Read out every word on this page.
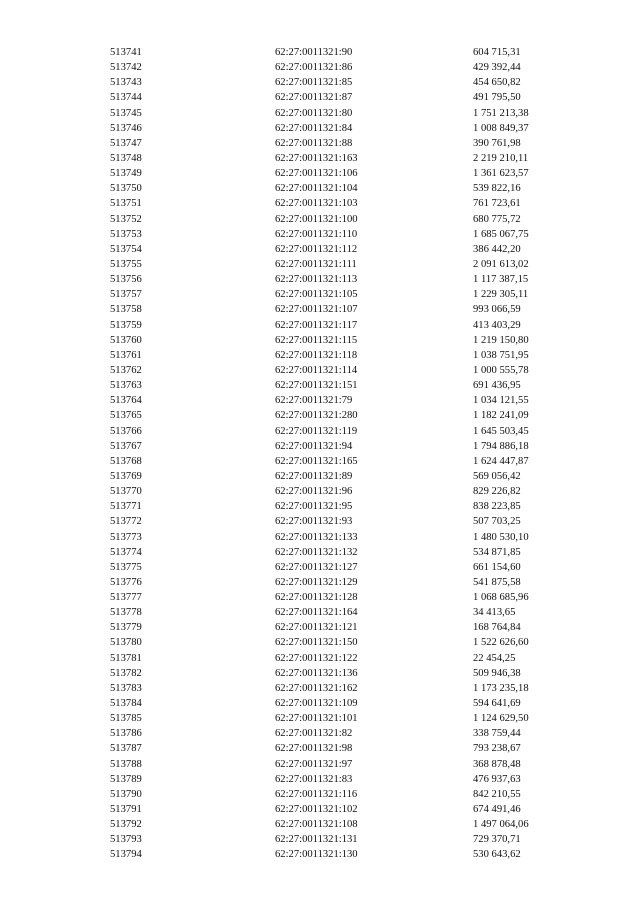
513741	62:27:0011321:90	604 715,31
513742	62:27:0011321:86	429 392,44
513743	62:27:0011321:85	454 650,82
513744	62:27:0011321:87	491 795,50
513745	62:27:0011321:80	1 751 213,38
513746	62:27:0011321:84	1 008 849,37
513747	62:27:0011321:88	390 761,98
513748	62:27:0011321:163	2 219 210,11
513749	62:27:0011321:106	1 361 623,57
513750	62:27:0011321:104	539 822,16
513751	62:27:0011321:103	761 723,61
513752	62:27:0011321:100	680 775,72
513753	62:27:0011321:110	1 685 067,75
513754	62:27:0011321:112	386 442,20
513755	62:27:0011321:111	2 091 613,02
513756	62:27:0011321:113	1 117 387,15
513757	62:27:0011321:105	1 229 305,11
513758	62:27:0011321:107	993 066,59
513759	62:27:0011321:117	413 403,29
513760	62:27:0011321:115	1 219 150,80
513761	62:27:0011321:118	1 038 751,95
513762	62:27:0011321:114	1 000 555,78
513763	62:27:0011321:151	691 436,95
513764	62:27:0011321:79	1 034 121,55
513765	62:27:0011321:280	1 182 241,09
513766	62:27:0011321:119	1 645 503,45
513767	62:27:0011321:94	1 794 886,18
513768	62:27:0011321:165	1 624 447,87
513769	62:27:0011321:89	569 056,42
513770	62:27:0011321:96	829 226,82
513771	62:27:0011321:95	838 223,85
513772	62:27:0011321:93	507 703,25
513773	62:27:0011321:133	1 480 530,10
513774	62:27:0011321:132	534 871,85
513775	62:27:0011321:127	661 154,60
513776	62:27:0011321:129	541 875,58
513777	62:27:0011321:128	1 068 685,96
513778	62:27:0011321:164	34 413,65
513779	62:27:0011321:121	168 764,84
513780	62:27:0011321:150	1 522 626,60
513781	62:27:0011321:122	22 454,25
513782	62:27:0011321:136	509 946,38
513783	62:27:0011321:162	1 173 235,18
513784	62:27:0011321:109	594 641,69
513785	62:27:0011321:101	1 124 629,50
513786	62:27:0011321:82	338 759,44
513787	62:27:0011321:98	793 238,67
513788	62:27:0011321:97	368 878,48
513789	62:27:0011321:83	476 937,63
513790	62:27:0011321:116	842 210,55
513791	62:27:0011321:102	674 491,46
513792	62:27:0011321:108	1 497 064,06
513793	62:27:0011321:131	729 370,71
513794	62:27:0011321:130	530 643,62
